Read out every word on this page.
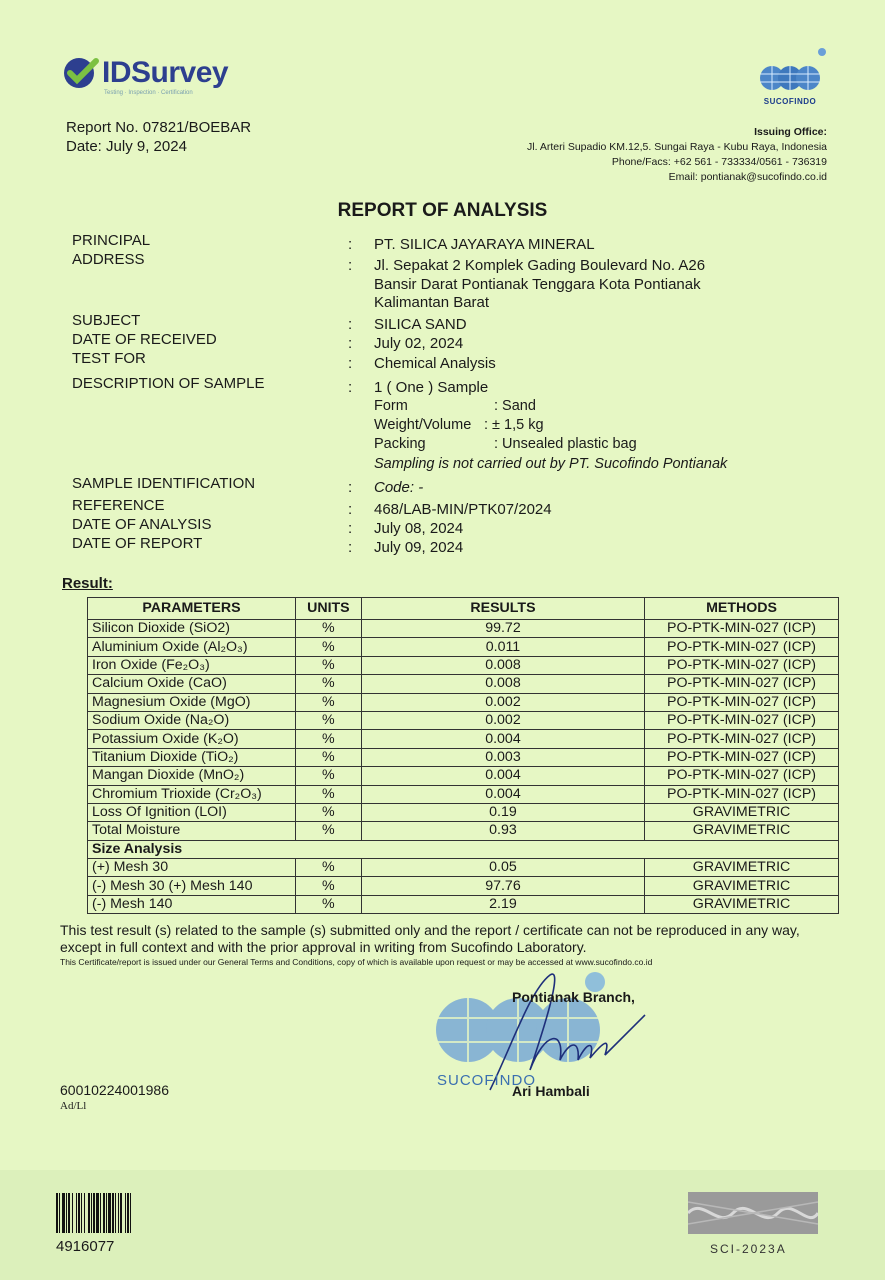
IDSurvey
Testing · Inspection · Certification
SUCOFINDO
Report No. 07821/BOEBAR
Date: July 9, 2024
Issuing Office:
Jl. Arteri Supadio KM.12,5. Sungai Raya - Kubu Raya, Indonesia
Phone/Facs: +62 561 - 733334/0561 - 736319
Email: pontianak@sucofindo.co.id
REPORT OF ANALYSIS
PRINCIPAL	: PT. SILICA JAYARAYA MINERAL
ADDRESS	: Jl. Sepakat 2 Komplek Gading Boulevard No. A26
Bansir Darat Pontianak Tenggara Kota Pontianak
Kalimantan Barat
SUBJECT	: SILICA SAND
DATE OF RECEIVED	: July 02, 2024
TEST FOR	: Chemical Analysis
DESCRIPTION OF SAMPLE	: 1 ( One ) Sample
Form	: Sand
Weight/Volume : ± 1,5 kg
Packing	: Unsealed plastic bag
Sampling is not carried out by PT. Sucofindo Pontianak
SAMPLE IDENTIFICATION	: Code: -
REFERENCE	: 468/LAB-MIN/PTK07/2024
DATE OF ANALYSIS	: July 08, 2024
DATE OF REPORT	: July 09, 2024
Result:
PARAMETERS	UNITS	RESULTS	METHODS
Silicon Dioxide (SiO2)	%	99.72	PO-PTK-MIN-027 (ICP)
Aluminium Oxide (Al₂O₃)	%	0.011	PO-PTK-MIN-027 (ICP)
Iron Oxide (Fe₂O₃)	%	0.008	PO-PTK-MIN-027 (ICP)
Calcium Oxide (CaO)	%	0.008	PO-PTK-MIN-027 (ICP)
Magnesium Oxide (MgO)	%	0.002	PO-PTK-MIN-027 (ICP)
Sodium Oxide (Na₂O)	%	0.002	PO-PTK-MIN-027 (ICP)
Potassium Oxide (K₂O)	%	0.004	PO-PTK-MIN-027 (ICP)
Titanium Dioxide (TiO₂)	%	0.003	PO-PTK-MIN-027 (ICP)
Mangan Dioxide (MnO₂)	%	0.004	PO-PTK-MIN-027 (ICP)
Chromium Trioxide (Cr₂O₃)	%	0.004	PO-PTK-MIN-027 (ICP)
Loss Of Ignition (LOI)	%	0.19	GRAVIMETRIC
Total Moisture	%	0.93	GRAVIMETRIC
Size Analysis			
(+) Mesh 30	%	0.05	GRAVIMETRIC
(-) Mesh 30 (+) Mesh 140	%	97.76	GRAVIMETRIC
(-) Mesh 140	%	2.19	GRAVIMETRIC
This test result (s) related to the sample (s) submitted only and the report / certificate can not be reproduced in any way, except in full context and with the prior approval in writing from Sucofindo Laboratory.
This Certificate/report is issued under our General Terms and Conditions, copy of which is available upon request or may be accessed at www.sucofindo.co.id
Pontianak Branch,
SUCOFINDO
Ari Hambali
60010224001986
Ad/Ll
4916077	SCI-2023A
